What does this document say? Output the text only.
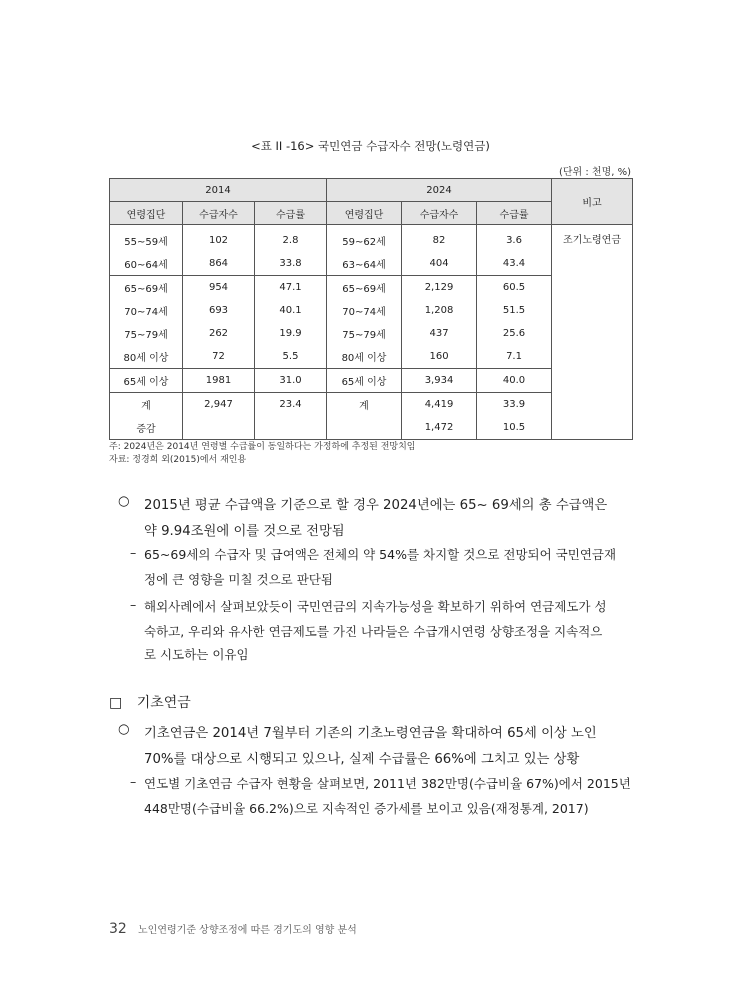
<표 II -16> 국민연금 수급자수 전망(노령연금)
(단위 : 천명, %)
2014			2024			비고
연령집단	수급자수	수급률	연령집단	수급자수	수급률	
55~59세	102	2.8	59~62세	82	3.6	조기노령연금

60~64세	864	33.8	63~64세	404	43.4	
65~69세	954	47.1	65~69세	2,129	60.5	
70~74세	693	40.1	70~74세	1,208	51.5	
75~79세	262	19.9	75~79세	437	25.6	
80세 이상	72	5.5	80세 이상	160	7.1	
65세 이상	1981	31.0	65세 이상	3,934	40.0	
계	2,947	23.4	계	4,419	33.9	
증감				1,472	10.5	
주: 2024년은 2014년 연령별 수급률이 동일하다는 가정하에 추정된 전망치임
자료: 정경희 외(2015)에서 재인용
○ 2015년 평균 수급액을 기준으로 할 경우 2024년에는 65~ 69세의 총 수급액은
약 9.94조원에 이를 것으로 전망됨
– 65~69세의 수급자 및 급여액은 전체의 약 54%를 차지할 것으로 전망되어 국민연금재
정에 큰 영향을 미칠 것으로 판단됨
– 해외사례에서 살펴보았듯이 국민연금의 지속가능성을 확보하기 위하여 연금제도가 성
숙하고, 우리와 유사한 연금제도를 가진 나라들은 수급개시연령 상향조정을 지속적으
로 시도하는 이유임
□ 기초연금
○ 기초연금은 2014년 7월부터 기존의 기초노령연금을 확대하여 65세 이상 노인
70%를 대상으로 시행되고 있으나, 실제 수급률은 66%에 그치고 있는 상황
– 연도별 기초연금 수급자 현황을 살펴보면, 2011년 382만명(수급비율 67%)에서 2015년
448만명(수급비율 66.2%)으로 지속적인 증가세를 보이고 있음(재정통계, 2017)
32 노인연령기준 상향조정에 따른 경기도의 영향 분석
